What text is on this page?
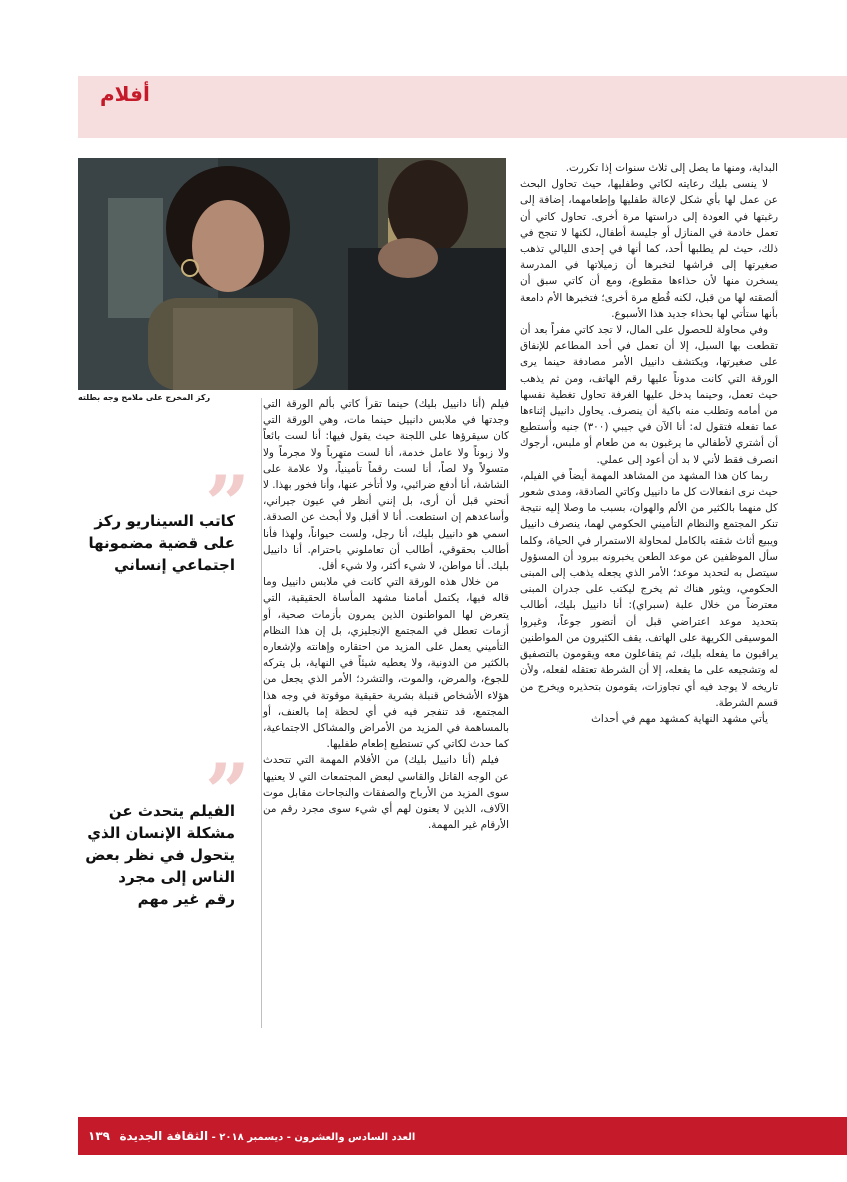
أفلام
ركز المخرج على ملامح وجه بطلته

البداية، ومنها ما يصل إلى ثلاث سنوات إذا تكررت.

لا ينسى بليك رعايته لكاتي وطفليها، حيث تحاول البحث عن عمل لها بأي شكل لإعالة طفليها وإطعامهما، إضافة إلى رغبتها في العودة إلى دراستها مرة أخرى. تحاول كاتي أن تعمل خادمة في المنازل أو جليسة أطفال، لكنها لا تنجح في ذلك، حيث لم يطلبها أحد، كما أنها في إحدى الليالي تذهب صغيرتها إلى فراشها لتخبرها أن زميلاتها في المدرسة يسخرن منها لأن حذاءها مقطوع، ومع أن كاتي سبق أن ألصقته لها من قبل، لكنه قُطع مرة أخرى؛ فتخبرها الأم دامعة بأنها ستأتي لها بحذاء جديد هذا الأسبوع.

وفي محاولة للحصول على المال، لا تجد كاتي مفراً بعد أن تقطعت بها السبل، إلا أن تعمل في أحد المطاعم للإنفاق على صغيرتها، ويكتشف دانييل الأمر مصادفة حينما يرى الورقة التي كانت مدوناً عليها رقم الهاتف، ومن ثم يذهب حيث تعمل، وحينما يدخل عليها الغرفة تحاول تغطية نفسها من أمامه وتطلب منه باكية أن ينصرف. يحاول دانييل إثناءها عما تفعله فتقول له: أنا الآن في جيبي (٣٠٠) جنيه وأستطيع أن أشتري لأطفالي ما يرغبون به من طعام أو ملبس، أرجوك انصرف فقط لأني لا بد أن أعود إلى عملي.

ربما كان هذا المشهد من المشاهد المهمة أيضاً في الفيلم، حيث نرى انفعالات كل ما دانييل وكاتي الصادقة، ومدى شعور كل منهما بالكثير من الألم والهوان، بسبب ما وصلا إليه نتيجة تنكر المجتمع والنظام التأميني الحكومي لهما، ينصرف دانييل ويبيع أثاث شقته بالكامل لمحاولة الاستمرار في الحياة، وكلما سأل الموظفين عن موعد الطعن يخبرونه ببرود أن المسؤول سيتصل به لتحديد موعد؛ الأمر الذي يجعله يذهب إلى المبنى الحكومي، ويثور هناك ثم يخرج ليكتب على جدران المبنى معترضاً من خلال علبة (سبراي): أنا دانييل بليك، أطالب بتحديد موعد اعتراضي قبل أن أتضور جوعاً، وغيروا الموسيقى الكريهة على الهاتف. يقف الكثيرون من المواطنين يراقبون ما يفعله بليك، ثم يتفاعلون معه ويقومون بالتصفيق له وتشجيعه على ما يفعله، إلا أن الشرطة تعتقله لفعله، ولأن تاريخه لا يوجد فيه أي تجاوزات، يقومون بتحذيره ويخرج من قسم الشرطة.

يأتي مشهد النهاية كمشهد مهم في أحداث

فيلم (أنا دانييل بليك) حينما تقرأ كاتي بألم الورقة التي وجدتها في ملابس دانييل حينما مات، وهي الورقة التي كان سيقرؤها على اللجنة حيث يقول فيها: أنا لست بائعاً ولا زبوناً ولا عامل خدمة، أنا لست متهرباً ولا مجرماً ولا متسولاً ولا لصاً، أنا لست رقماً تأمينياً، ولا علامة على الشاشة، أنا أدفع ضرائبي، ولا أتأخر عنها، وأنا فخور بهذا. لا أنحني قبل أن أرى، بل إنني أنظر في عيون جيراني، وأساعدهم إن استطعت. أنا لا أقبل ولا أبحث عن الصدقة. اسمي هو دانييل بليك، أنا رجل، ولست حيواناً، ولهذا فأنا أطالب بحقوقي، أطالب أن تعاملوني باحترام. أنا دانييل بليك. أنا مواطن، لا شيء أكثر، ولا شيء أقل.

من خلال هذه الورقة التي كانت في ملابس دانييل وما قاله فيها، يكتمل أمامنا مشهد المأساة الحقيقية، التي يتعرض لها المواطنون الذين يمرون بأزمات صحية، أو أزمات تعطل في المجتمع الإنجليزي، بل إن هذا النظام التأميني يعمل على المزيد من احتقاره وإهانته ولإشعاره بالكثير من الدونية، ولا يعطيه شيئاً في النهاية، بل يتركه للجوع، والمرض، والموت، والتشرد؛ الأمر الذي يجعل من هؤلاء الأشخاص قنبلة بشرية حقيقية موقوتة في وجه هذا المجتمع، قد تنفجر فيه في أي لحظة إما بالعنف، أو بالمساهمة في المزيد من الأمراض والمشاكل الاجتماعية، كما حدث لكاتي كي تستطيع إطعام طفليها.

فيلم (أنا دانييل بليك) من الأفلام المهمة التي تتحدث عن الوجه القاتل والقاسي لبعض المجتمعات التي لا يعنيها سوى المزيد من الأرباح والصفقات والنجاحات مقابل موت الآلاف، الذين لا يعنون لهم أي شيء سوى مجرد رقم من الأرقام غير المهمة.

”
كاتب السيناريو ركز على قضية مضمونها اجتماعي إنساني
”
الفيلم يتحدث عن مشكلة الإنسان الذي يتحول في نظر بعض الناس إلى مجرد رقم غير مهم
العدد السادس والعشرون - ديسمبر ٢٠١٨ - الثقافة الجديدة ١٣٩
